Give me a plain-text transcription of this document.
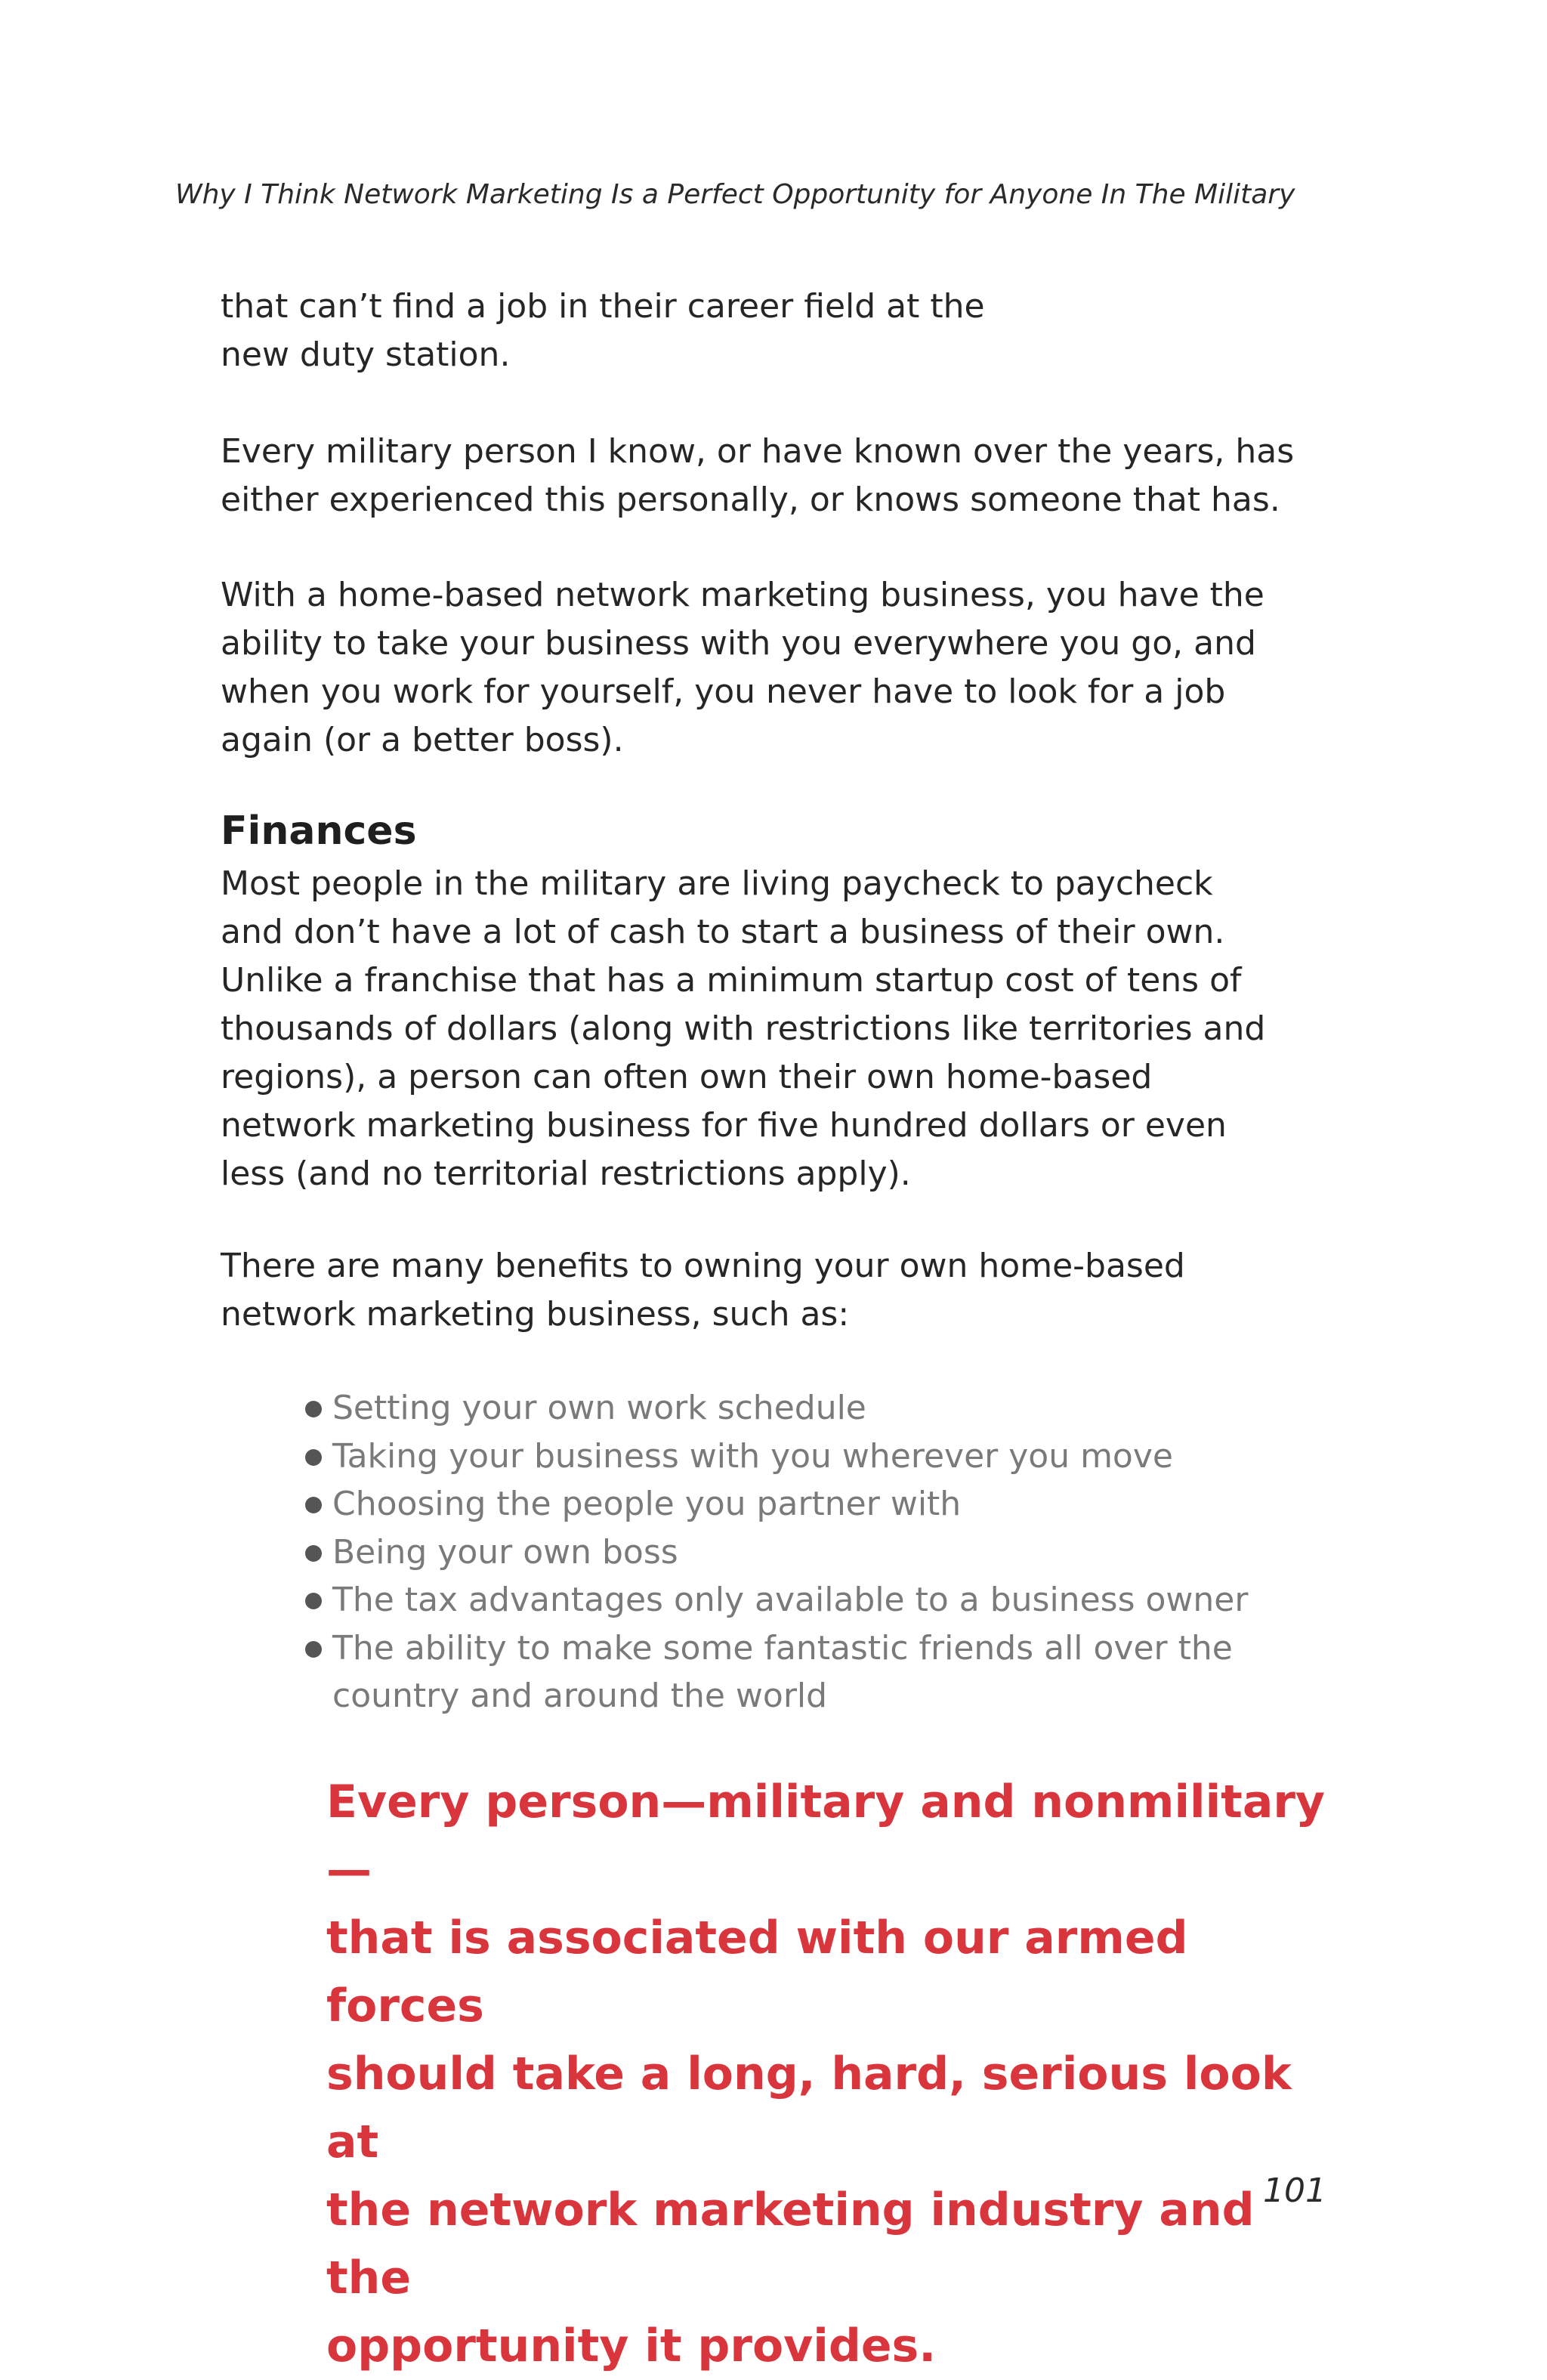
Why I Think Network Marketing Is a Perfect Opportunity for Anyone In The Military
that can’t find a job in their career field at the
new duty station.
Every military person I know, or have known over the years, has
either experienced this personally, or knows someone that has.
With a home-based network marketing business, you have the
ability to take your business with you everywhere you go, and
when you work for yourself, you never have to look for a job
again (or a better boss).
Finances
Most people in the military are living paycheck to paycheck
and don’t have a lot of cash to start a business of their own.
Unlike a franchise that has a minimum startup cost of tens of
thousands of dollars (along with restrictions like territories and
regions), a person can often own their own home-based
network marketing business for five hundred dollars or even
less (and no territorial restrictions apply).
There are many benefits to owning your own home-based
network marketing business, such as:
Setting your own work schedule
Taking your business with you wherever you move
Choosing the people you partner with
Being your own boss
The tax advantages only available to a business owner
The ability to make some fantastic friends all over the
country and around the world
Every person—military and nonmilitary—
that is associated with our armed forces
should take a long, hard, serious look at
the network marketing industry and the
opportunity it provides.
101
